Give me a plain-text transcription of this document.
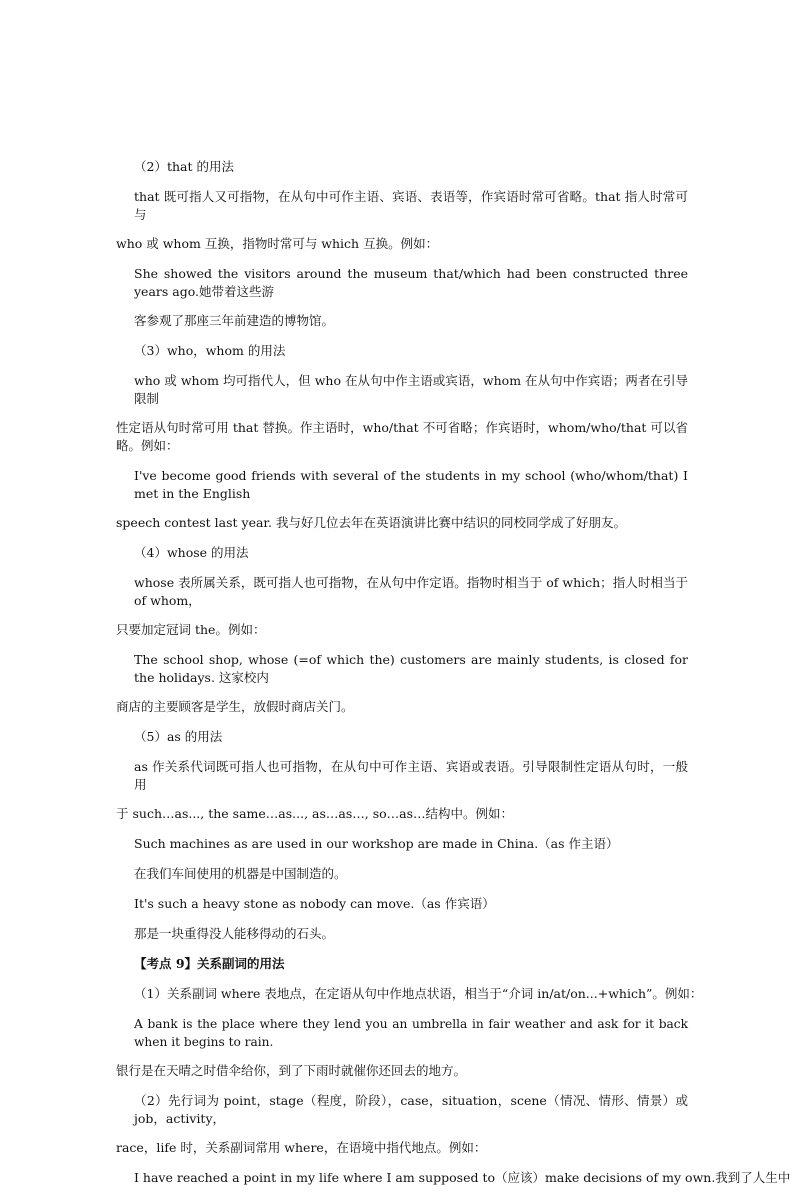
（2）that 的用法

that 既可指人又可指物，在从句中可作主语、宾语、表语等，作宾语时常可省略。that 指人时常可与
who 或 whom 互换，指物时常可与 which 互换。例如：

She showed the visitors around the museum that/which had been constructed three years ago.她带着这些游
客参观了那座三年前建造的博物馆。

（3）who，whom 的用法

who 或 whom 均可指代人，但 who 在从句中作主语或宾语，whom 在从句中作宾语；两者在引导限制
性定语从句时常可用 that 替换。作主语时，who/that 不可省略；作宾语时，whom/who/that 可以省略。例如：

I've become good friends with several of the students in my school (who/whom/that) I met in the English
speech contest last year. 我与好几位去年在英语演讲比赛中结识的同校同学成了好朋友。

（4）whose 的用法

whose 表所属关系，既可指人也可指物，在从句中作定语。指物时相当于 of which；指人时相当于 of whom，
只要加定冠词 the。例如：

The school shop, whose (=of which the) customers are mainly students, is closed for the holidays. 这家校内
商店的主要顾客是学生，放假时商店关门。

（5）as 的用法

as 作关系代词既可指人也可指物，在从句中可作主语、宾语或表语。引导限制性定语从句时，一般用
于 such…as..., the same…as..., as…as…, so…as…结构中。例如：

Such machines as are used in our workshop are made in China.（as 作主语）

在我们车间使用的机器是中国制造的。

It's such a heavy stone as nobody can move.（as 作宾语）

那是一块重得没人能移得动的石头。

【考点 9】关系副词的用法

（1）关系副词 where 表地点，在定语从句中作地点状语，相当于“介词 in/at/on...+which”。例如：

A bank is the place where they lend you an umbrella in fair weather and ask for it back when it begins to rain.
银行是在天晴之时借伞给你，到了下雨时就催你还回去的地方。

（2）先行词为 point，stage（程度，阶段），case，situation，scene（情况、情形、情景）或 job，activity，
race，life 时，关系副词常用 where，在语境中指代地点。例如：

I have reached a point in my life where I am supposed to（应该）make decisions of my own.我到了人生中
